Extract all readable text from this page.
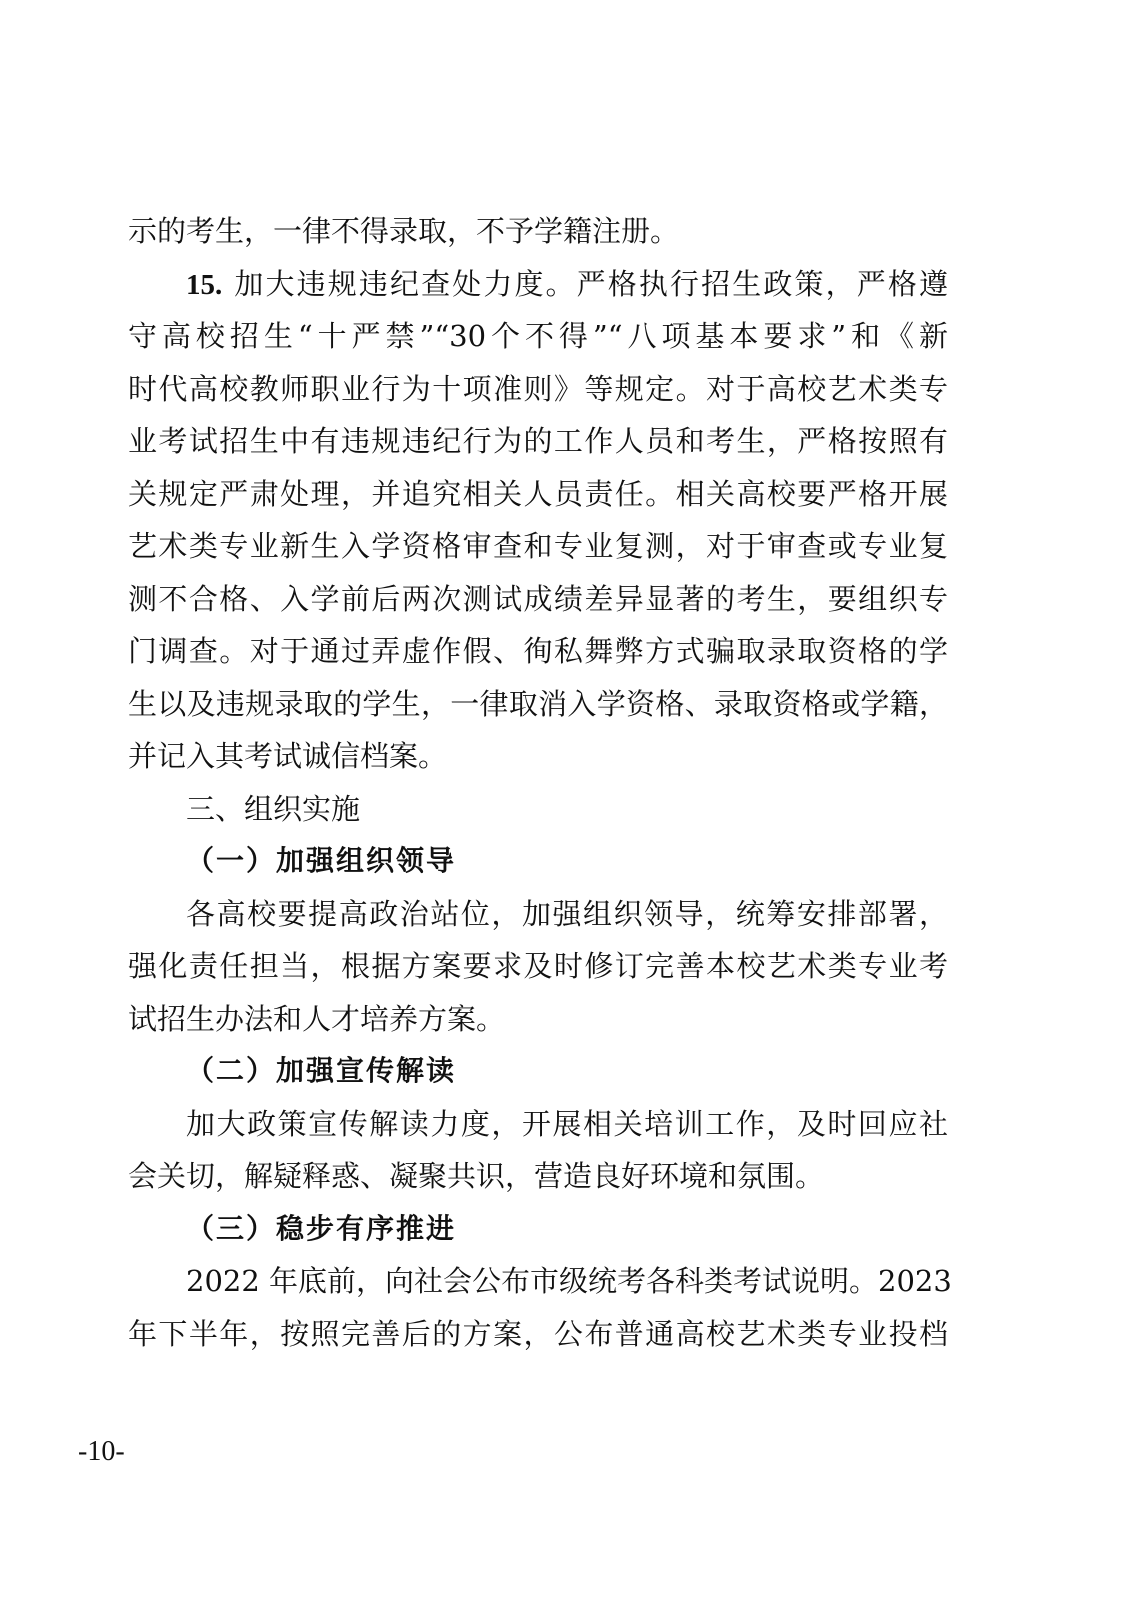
示的考生，一律不得录取，不予学籍注册。
15. 加大违规违纪查处力度。严格执行招生政策，严格遵
守高校招生“十严禁”“30个不得”“八项基本要求”和《新
时代高校教师职业行为十项准则》等规定。对于高校艺术类专
业考试招生中有违规违纪行为的工作人员和考生，严格按照有
关规定严肃处理，并追究相关人员责任。相关高校要严格开展
艺术类专业新生入学资格审查和专业复测，对于审查或专业复
测不合格、入学前后两次测试成绩差异显著的考生，要组织专
门调查。对于通过弄虚作假、徇私舞弊方式骗取录取资格的学
生以及违规录取的学生，一律取消入学资格、录取资格或学籍，
并记入其考试诚信档案。
三、组织实施
（一）加强组织领导
各高校要提高政治站位，加强组织领导，统筹安排部署，
强化责任担当，根据方案要求及时修订完善本校艺术类专业考
试招生办法和人才培养方案。
（二）加强宣传解读
加大政策宣传解读力度，开展相关培训工作，及时回应社
会关切，解疑释惑、凝聚共识，营造良好环境和氛围。
（三）稳步有序推进
2022 年底前，向社会公布市级统考各科类考试说明。2023
年下半年，按照完善后的方案，公布普通高校艺术类专业投档
-10-
